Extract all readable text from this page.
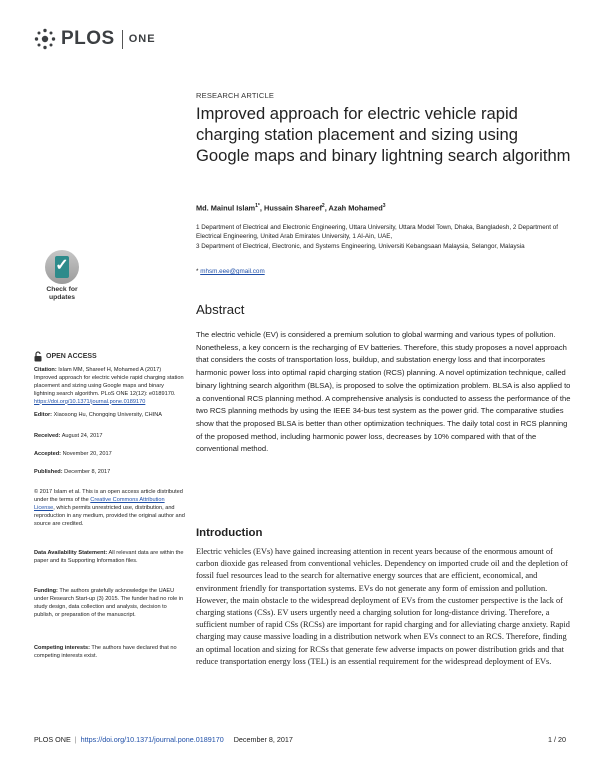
PLOS ONE
RESEARCH ARTICLE
Improved approach for electric vehicle rapid charging station placement and sizing using Google maps and binary lightning search algorithm
Md. Mainul Islam$^{1*}$, Hussain Shareef$^2$, Azah Mohamed$^3$

1 Department of Electrical and Electronic Engineering, Uttara University, Uttara Model Town, Dhaka, Bangladesh, 2 Department of Electrical Engineering, United Arab Emirates University, 1 Al-Ain, UAE,

3 Department of Electrical, Electronic, and Systems Engineering, Universiti Kebangsaan Malaysia, Selangor, Malaysia

* mhsm.eee@gmail.com
✓
Check for
updates
OPEN ACCESS
Citation: Islam MM, Shareef H, Mohamed A (2017) Improved approach for electric vehicle rapid charging station placement and sizing using Google maps and binary lightning search algorithm. PLoS ONE 12(12): e0189170. https://doi.org/10.1371/journal.pone.0189170
Editor: Xiaosong Hu, Chongqing University, CHINA
Received: August 24, 2017
Accepted: November 20, 2017
Published: December 8, 2017
© 2017 Islam et al. This is an open access article distributed under the terms of the Creative Commons Attribution License, which permits unrestricted use, distribution, and reproduction in any medium, provided the original author and source are credited.
Data Availability Statement: All relevant data are within the paper and its Supporting Information files.
Funding: The authors gratefully acknowledge the UAEU under Research Start-up (3) 2015. The funder had no role in study design, data collection and analysis, decision to publish, or preparation of the manuscript.
Competing interests: The authors have declared that no competing interests exist.
Abstract
The electric vehicle (EV) is considered a premium solution to global warming and various types of pollution. Nonetheless, a key concern is the recharging of EV batteries. Therefore, this study proposes a novel approach that considers the costs of transportation loss, buildup, and substation energy loss and that incorporates harmonic power loss into optimal rapid charging station (RCS) planning. A novel optimization technique, called binary lightning search algorithm (BLSA), is proposed to solve the optimization problem. BLSA is also applied to a conventional RCS planning method. A comprehensive analysis is conducted to assess the performance of the two RCS planning methods by using the IEEE 34-bus test system as the power grid. The comparative studies show that the proposed BLSA is better than other optimization techniques. The daily total cost in RCS planning of the proposed method, including harmonic power loss, decreases by 10% compared with that of the conventional method.
Introduction
Electric vehicles (EVs) have gained increasing attention in recent years because of the enormous amount of carbon dioxide gas released from conventional vehicles. Dependency on imported crude oil and the depletion of fossil fuel resources lead to the search for alternative energy sources that are efficient, economical, and environment friendly for transportation systems. EVs do not generate any form of emission and pollution. However, the main obstacle to the widespread deployment of EVs from the customer perspective is the lack of charging stations (CSs). EV users urgently need a charging solution for long-distance driving. Therefore, a sufficient number of rapid CSs (RCSs) are important for rapid charging and for alleviating charge anxiety. Rapid charging may cause massive loading in a distribution network when EVs connect to an RCS. Therefore, finding an optimal location and sizing for RCSs that generate few adverse impacts on power distribution grids and that reduce transportation energy loss (TEL) is an essential requirement for the widespread deployment of EVs.
PLOS ONE | https://doi.org/10.1371/journal.pone.0189170 December 8, 2017	1 / 20
